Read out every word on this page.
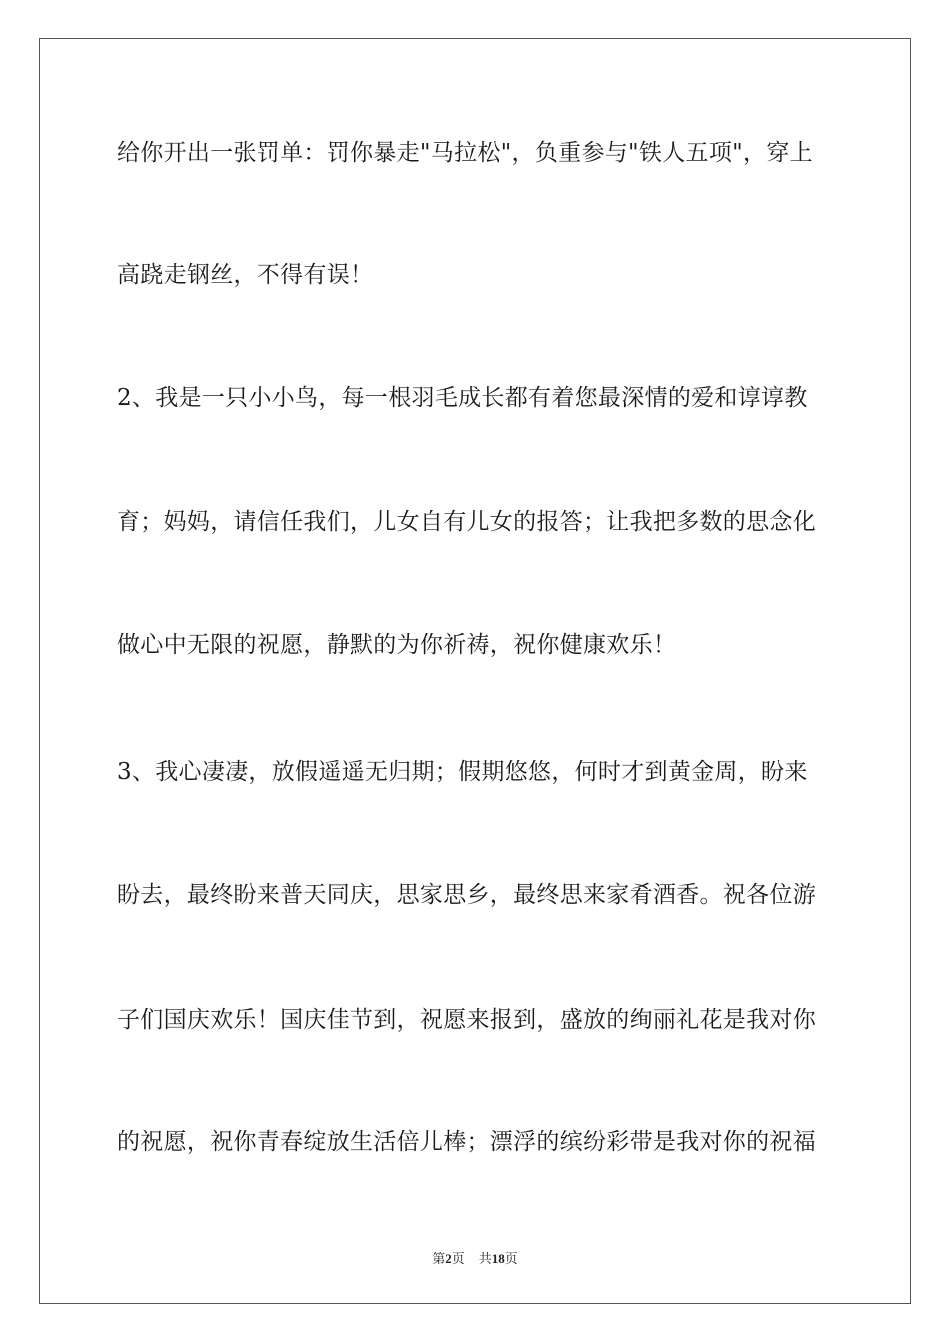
给你开出一张罚单：罚你暴走"马拉松"，负重参与"铁人五项"，穿上
高跷走钢丝，不得有误！
2、我是一只小小鸟，每一根羽毛成长都有着您最深情的爱和谆谆教
育；妈妈，请信任我们，儿女自有儿女的报答；让我把多数的思念化
做心中无限的祝愿，静默的为你祈祷，祝你健康欢乐！
3、我心凄凄，放假遥遥无归期；假期悠悠，何时才到黄金周，盼来
盼去，最终盼来普天同庆，思家思乡，最终思来家肴酒香。祝各位游
子们国庆欢乐！国庆佳节到，祝愿来报到，盛放的绚丽礼花是我对你
的祝愿，祝你青春绽放生活倍儿棒；漂浮的缤纷彩带是我对你的祝福
第2页 共18页
